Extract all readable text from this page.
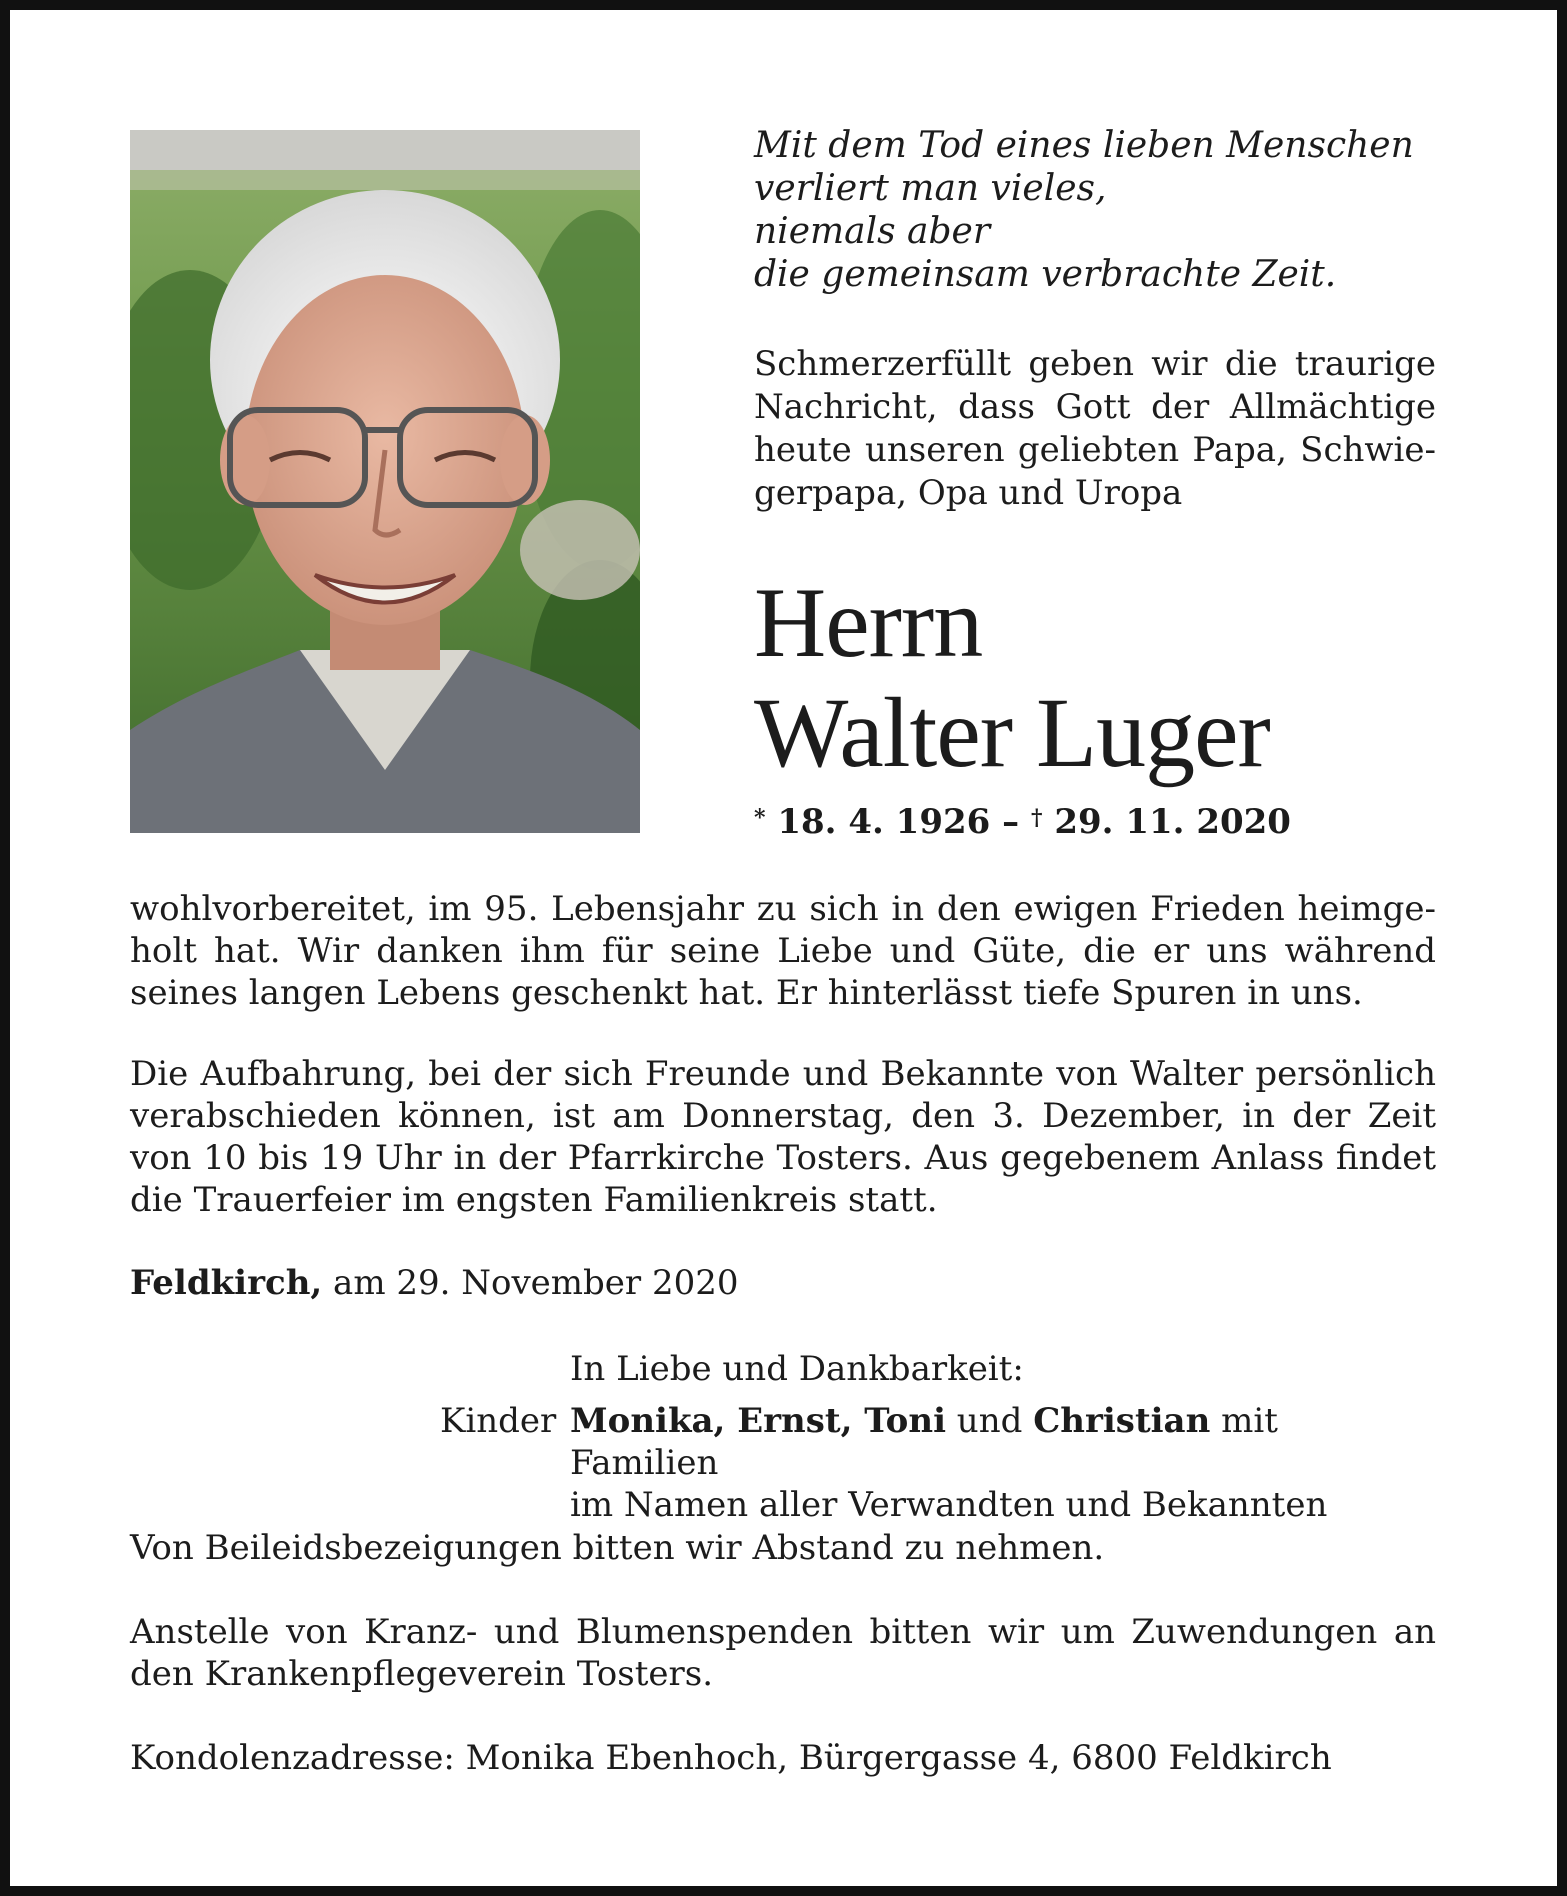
Mit dem Tod eines lieben Menschen
verliert man vieles,
niemals aber
die gemeinsam verbrachte Zeit.
Schmerzerfüllt geben wir die traurige Nachricht, dass Gott der Allmächtige heute unseren geliebten Papa, Schwiegerpapa, Opa und Uropa
Herrn
Walter Luger
* 18. 4. 1926 – † 29. 11. 2020
wohlvorbereitet, im 95. Lebensjahr zu sich in den ewigen Frieden heimgeholt hat. Wir danken ihm für seine Liebe und Güte, die er uns während seines langen Lebens geschenkt hat. Er hinterlässt tiefe Spuren in uns.
Die Aufbahrung, bei der sich Freunde und Bekannte von Walter persönlich verabschieden können, ist am Donnerstag, den 3. Dezember, in der Zeit von 10 bis 19 Uhr in der Pfarrkirche Tosters. Aus gegebenem Anlass findet die Trauerfeier im engsten Familienkreis statt.
Feldkirch, am 29. November 2020
In Liebe und Dankbarkeit:
Kinder Monika, Ernst, Toni und Christian mit Familien
im Namen aller Verwandten und Bekannten
Von Beileidsbezeigungen bitten wir Abstand zu nehmen.
Anstelle von Kranz- und Blumenspenden bitten wir um Zuwendungen an den Krankenpflegeverein Tosters.
Kondolenzadresse: Monika Ebenhoch, Bürgergasse 4, 6800 Feldkirch
